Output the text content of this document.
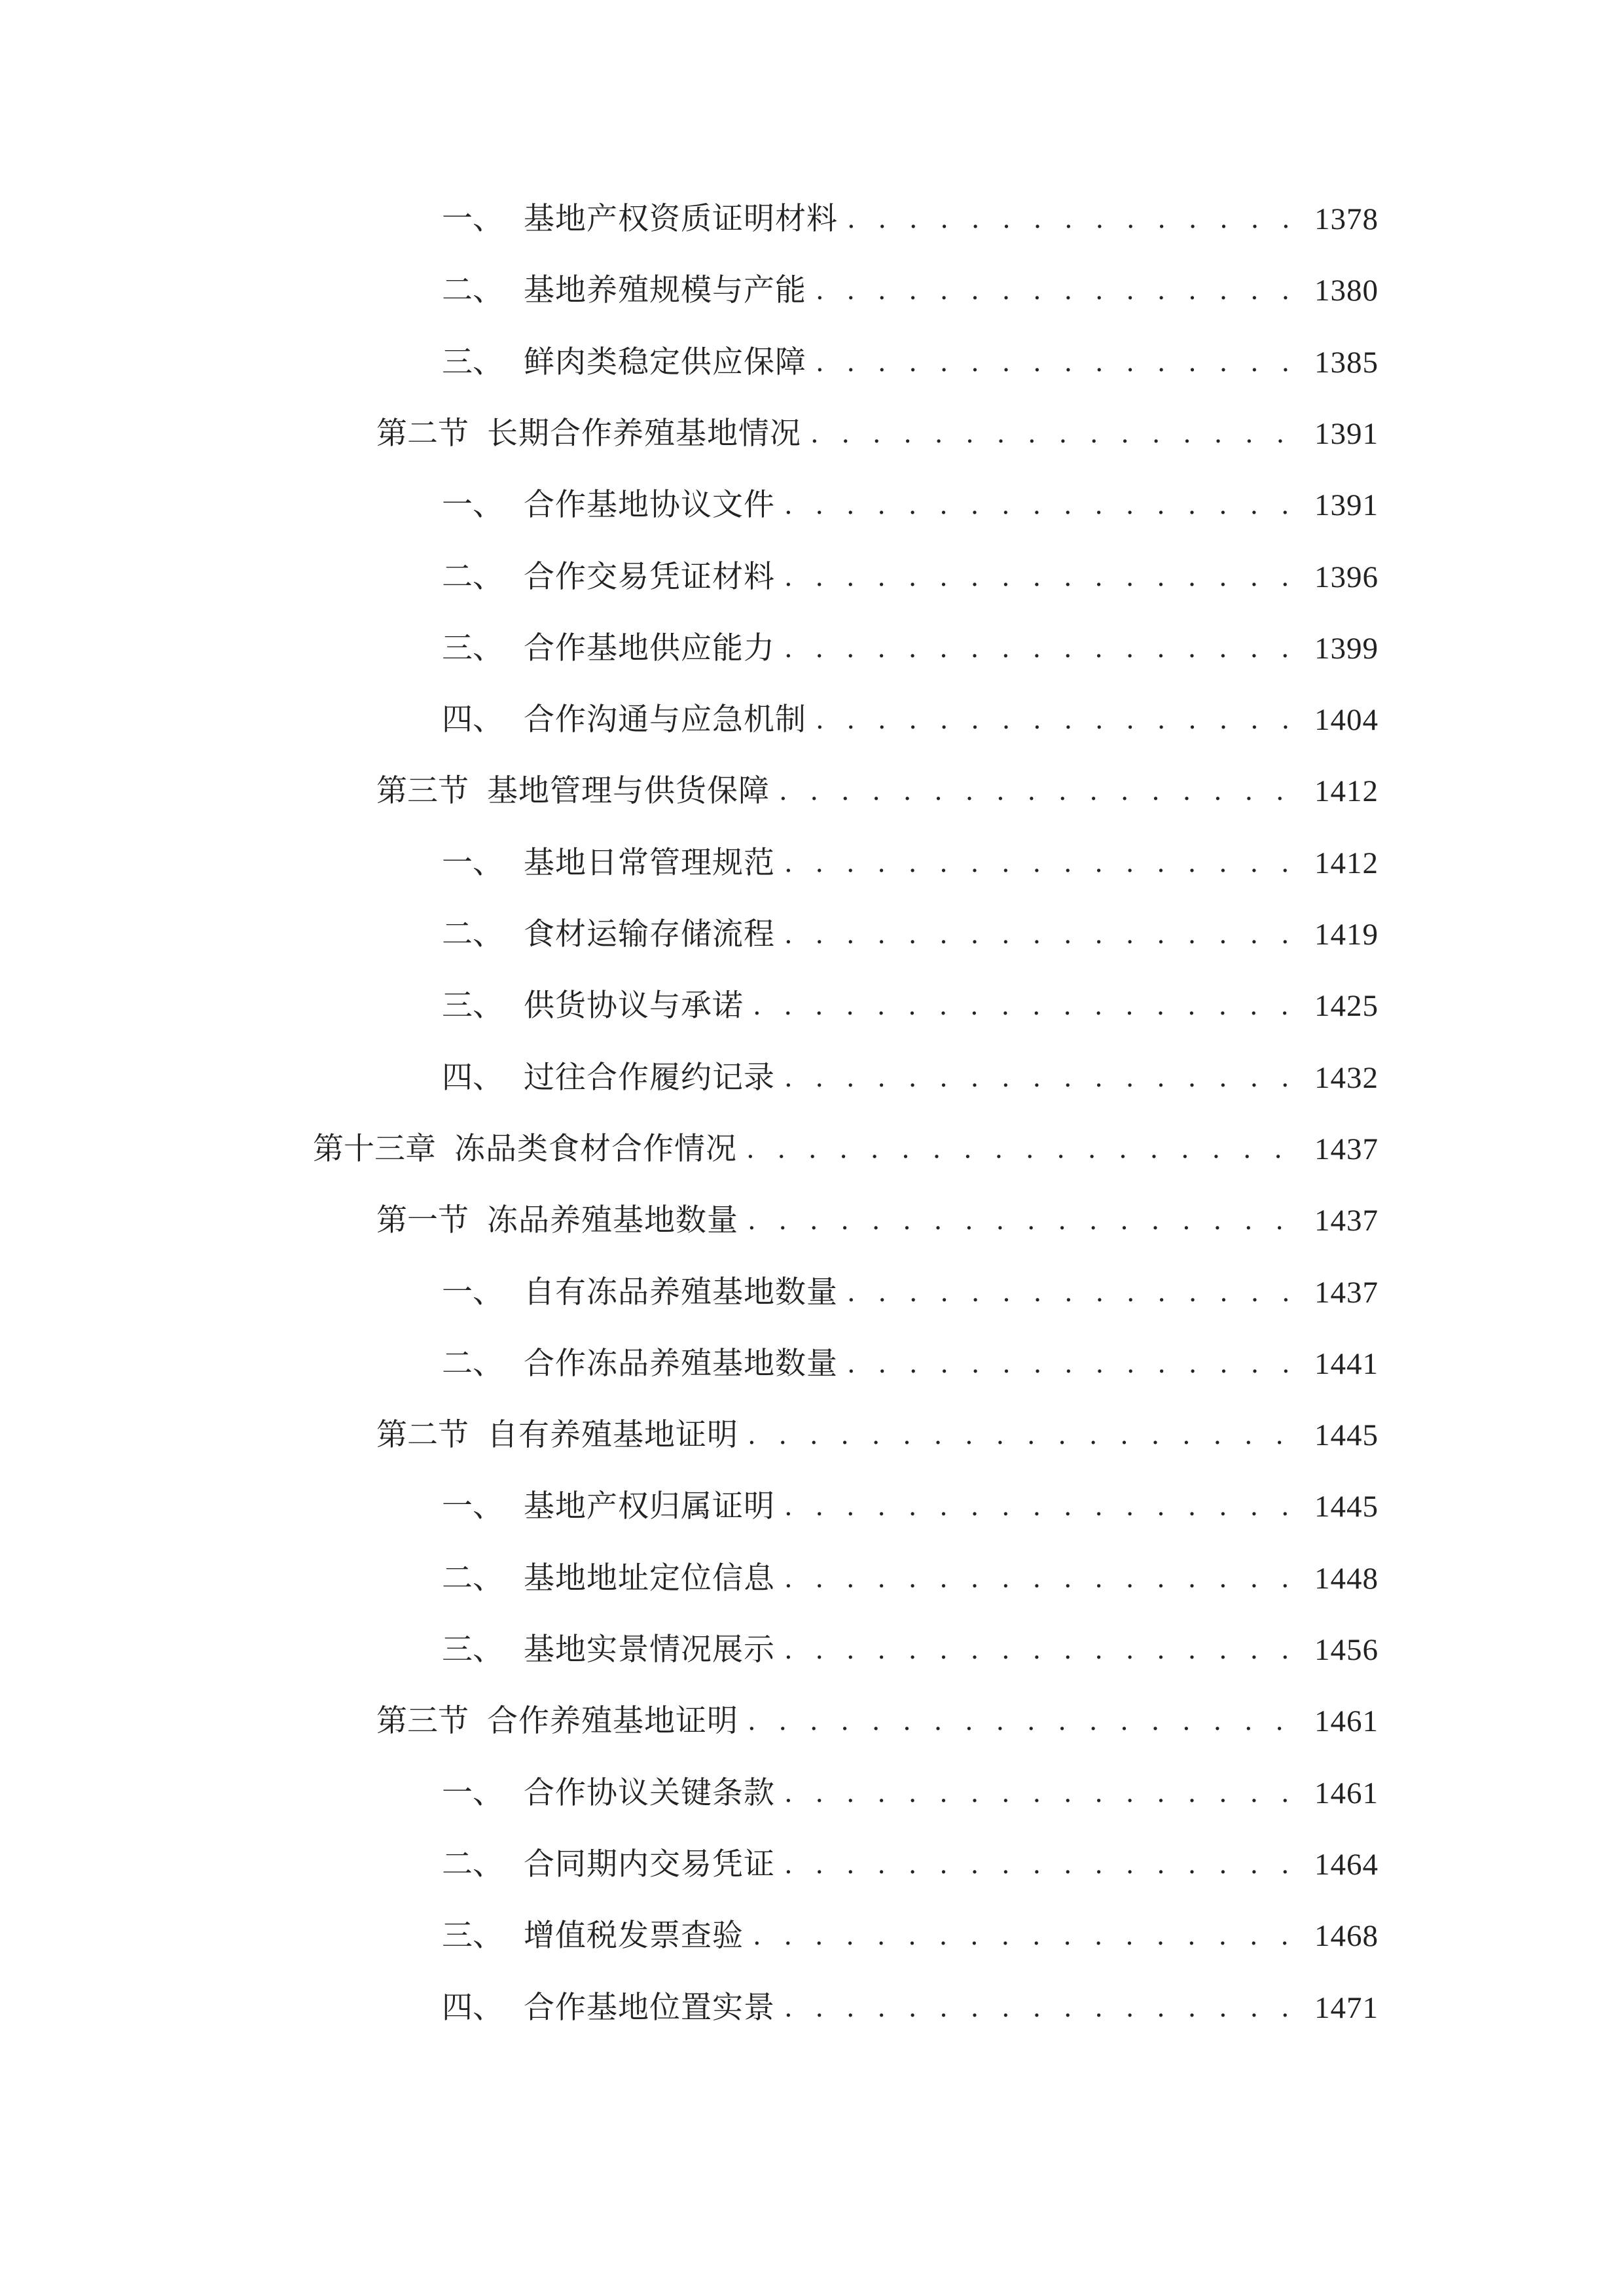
一、 基地产权资质证明材料 . . .	1378
二、 基地养殖规模与产能 . . .	1380
三、 鲜肉类稳定供应保障 . . .	1385
第二节 长期合作养殖基地情况 . . .	1391
一、 合作基地协议文件 . . .	1391
二、 合作交易凭证材料 . . .	1396
三、 合作基地供应能力 . . .	1399
四、 合作沟通与应急机制 . . .	1404
第三节 基地管理与供货保障 . . .	1412
一、 基地日常管理规范 . . .	1412
二、 食材运输存储流程 . . .	1419
三、 供货协议与承诺 . . .	1425
四、 过往合作履约记录 . . .	1432
第十三章 冻品类食材合作情况 . . .	1437
第一节 冻品养殖基地数量 . . .	1437
一、 自有冻品养殖基地数量 . . .	1437
二、 合作冻品养殖基地数量 . . .	1441
第二节 自有养殖基地证明 . . .	1445
一、 基地产权归属证明 . . .	1445
二、 基地地址定位信息 . . .	1448
三、 基地实景情况展示 . . .	1456
第三节 合作养殖基地证明 . . .	1461
一、 合作协议关键条款 . . .	1461
二、 合同期内交易凭证 . . .	1464
三、 增值税发票查验 . . .	1468
四、 合作基地位置实景 . . .	1471
